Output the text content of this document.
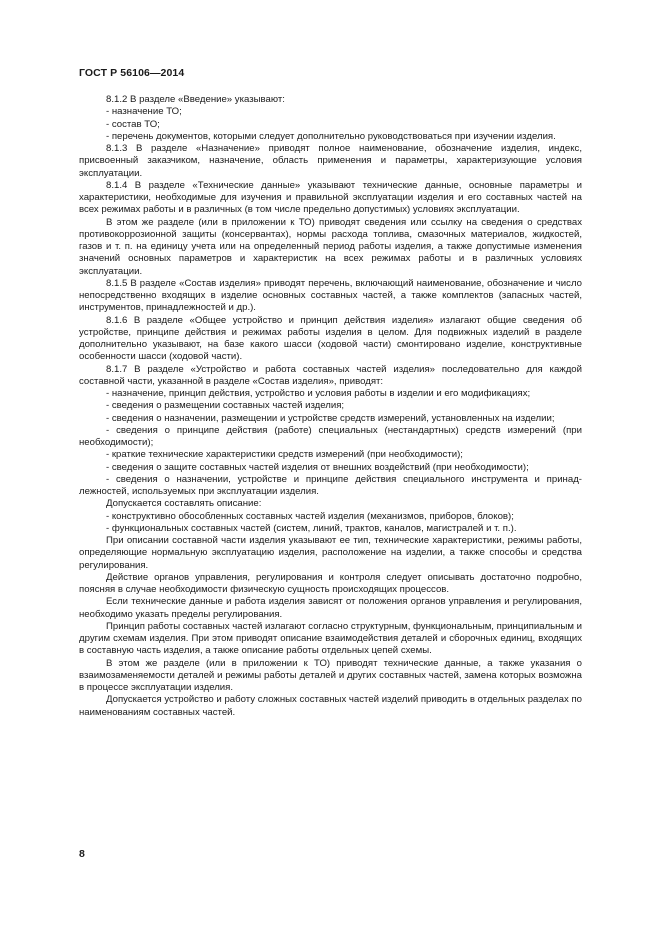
ГОСТ Р 56106—2014

8.1.2 В разделе «Введение» указывают:

- назначение ТО;

- состав ТО;

- перечень документов, которыми следует дополнительно руководствоваться при изучении изделия.

8.1.3 В разделе «Назначение» приводят полное наименование, обозначение изделия, индекс, присвоенный заказчиком, назначение, область применения и параметры, характеризующие условия эксплуатации.

8.1.4 В разделе «Технические данные» указывают технические данные, основные параметры и характеристики, необходимые для изучения и правильной эксплуатации изделия и его составных частей на всех режимах работы и в различных (в том числе предельно допустимых) условиях эксплуатации.

В этом же разделе (или в приложении к ТО) приводят сведения или ссылку на сведения о средствах противокоррозионной защиты (консервантах), нормы расхода топлива, смазочных материалов, жидкостей, газов и т. п. на единицу учета или на определенный период работы изделия, а также допустимые изменения значений основных параметров и характеристик на всех режимах работы и в различных условиях эксплуатации.

8.1.5 В разделе «Состав изделия» приводят перечень, включающий наименование, обозначение и число непосредственно входящих в изделие основных составных частей, а также комплектов (запасных частей, инструментов, принадлежностей и др.).

8.1.6 В разделе «Общее устройство и принцип действия изделия» излагают общие сведения об устройстве, принципе действия и режимах работы изделия в целом. Для подвижных изделий в разделе дополнительно указывают, на базе какого шасси (ходовой части) смонтировано изделие, конструктивные особенности шасси (ходовой части).

8.1.7 В разделе «Устройство и работа составных частей изделия» последовательно для каждой составной части, указанной в разделе «Состав изделия», приводят:

- назначение, принцип действия, устройство и условия работы в изделии и его модификациях;

- сведения о размещении составных частей изделия;

- сведения о назначении, размещении и устройстве средств измерений, установленных на изделии;

- сведения о принципе действия (работе) специальных (нестандартных) средств измерений (при необходимости);

- краткие технические характеристики средств измерений (при необходимости);

- сведения о защите составных частей изделия от внешних воздействий (при необходимости);

- сведения о назначении, устройстве и принципе действия специального инструмента и принадлежностей, используемых при эксплуатации изделия.

Допускается составлять описание:

- конструктивно обособленных составных частей изделия (механизмов, приборов, блоков);

- функциональных составных частей (систем, линий, трактов, каналов, магистралей и т. п.).

При описании составной части изделия указывают ее тип, технические характеристики, режимы работы, определяющие нормальную эксплуатацию изделия, расположение на изделии, а также способы и средства регулирования.

Действие органов управления, регулирования и контроля следует описывать достаточно подробно, поясняя в случае необходимости физическую сущность происходящих процессов.

Если технические данные и работа изделия зависят от положения органов управления и регулирования, необходимо указать пределы регулирования.

Принцип работы составных частей излагают согласно структурным, функциональным, принципиальным и другим схемам изделия. При этом приводят описание взаимодействия деталей и сборочных единиц, входящих в составную часть изделия, а также описание работы отдельных цепей схемы.

В этом же разделе (или в приложении к ТО) приводят технические данные, а также указания о взаимозаменяемости деталей и режимы работы деталей и других составных частей, замена которых возможна в процессе эксплуатации изделия.

Допускается устройство и работу сложных составных частей изделий приводить в отдельных разделах по наименованиям составных частей.

8
